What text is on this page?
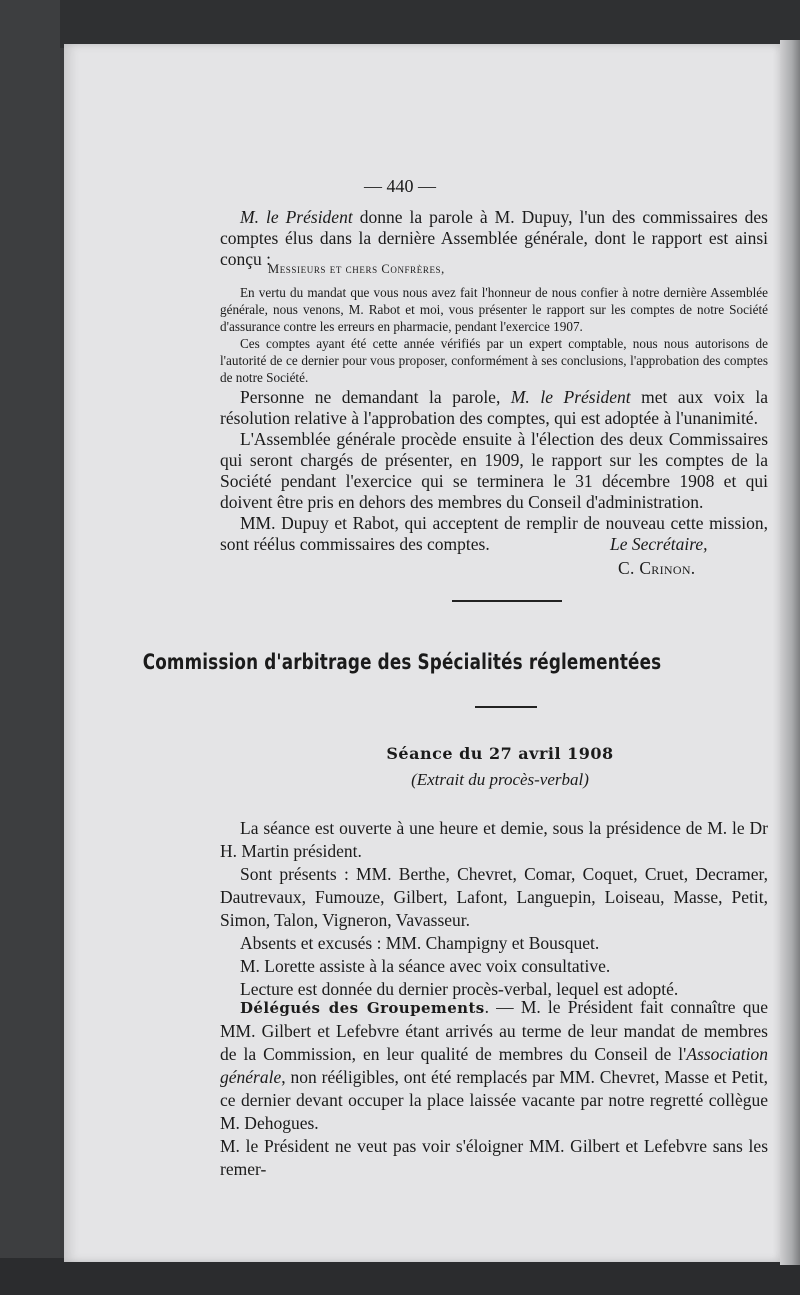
— 440 —

M. le Président donne la parole à M. Dupuy, l'un des commissaires des comptes élus dans la dernière Assemblée générale, dont le rapport est ainsi conçu :

Messieurs et chers Confrères,

En vertu du mandat que vous nous avez fait l'honneur de nous confier à notre dernière Assemblée générale, nous venons, M. Rabot et moi, vous présenter le rapport sur les comptes de notre Société d'assurance contre les erreurs en pharmacie, pendant l'exercice 1907.

Ces comptes ayant été cette année vérifiés par un expert comptable, nous nous autorisons de l'autorité de ce dernier pour vous proposer, conformément à ses conclusions, l'approbation des comptes de notre Société.

Personne ne demandant la parole, M. le Président met aux voix la résolution relative à l'approbation des comptes, qui est adoptée à l'unanimité.

L'Assemblée générale procède ensuite à l'élection des deux Commissaires qui seront chargés de présenter, en 1909, le rapport sur les comptes de la Société pendant l'exercice qui se terminera le 31 décembre 1908 et qui doivent être pris en dehors des membres du Conseil d'administration.

MM. Dupuy et Rabot, qui acceptent de remplir de nouveau cette mission, sont réélus commissaires des comptes.	Le Secrétaire,
C. Crinon.
Commission d'arbitrage des Spécialités réglementées
Séance du 27 avril 1908
(Extrait du procès-verbal)

La séance est ouverte à une heure et demie, sous la présidence de M. le Dr H. Martin président.

Sont présents : MM. Berthe, Chevret, Comar, Coquet, Cruet, Decramer, Dautrevaux, Fumouze, Gilbert, Lafont, Languepin, Loiseau, Masse, Petit, Simon, Talon, Vigneron, Vavasseur.

Absents et excusés : MM. Champigny et Bousquet.

M. Lorette assiste à la séance avec voix consultative.

Lecture est donnée du dernier procès-verbal, lequel est adopté.

Délégués des Groupements. — M. le Président fait connaître que MM. Gilbert et Lefebvre étant arrivés au terme de leur mandat de membres de la Commission, en leur qualité de membres du Conseil de l'Association générale, non rééligibles, ont été remplacés par MM. Chevret, Masse et Petit, ce dernier devant occuper la place laissée vacante par notre regretté collègue M. Dehogues.

M. le Président ne veut pas voir s'éloigner MM. Gilbert et Lefebvre sans les remer-
